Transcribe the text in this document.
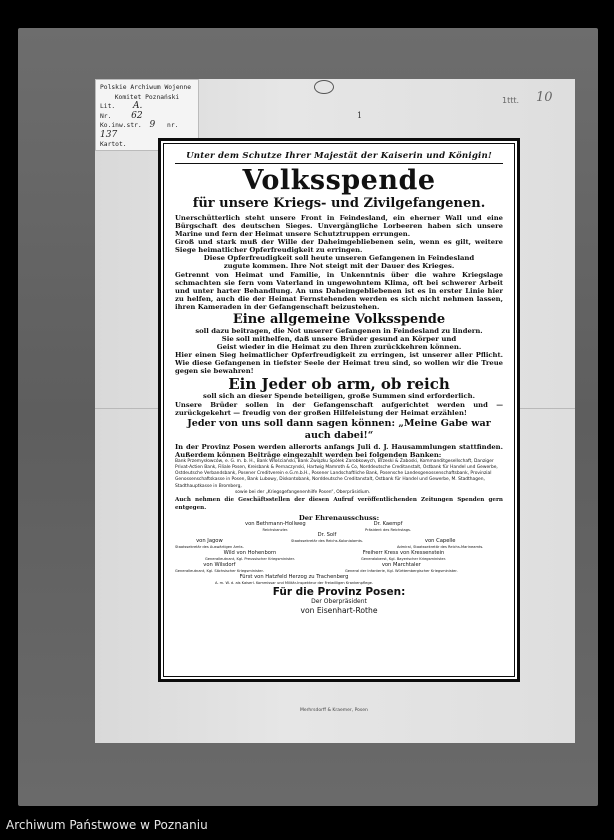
Polskie Archiwum Wojenne
Komitet Poznański
Lit. A.
Nr. 62
Ko.inw.str. 9 nr. 137
Kartot.
1
1ttt. 10
Unter dem Schutze Ihrer Majestät der Kaiserin und Königin!
Volksspende
für unsere Kriegs- und Zivilgefangenen.
Unerschütterlich steht unsere Front in Feindesland, ein eherner Wall und eine Bürgschaft des deutschen Sieges. Unvergängliche Lorbeeren haben sich unsere Marine und fern der Heimat unsere Schutztruppen errungen.
Groß und stark muß der Wille der Daheimgebliebenen sein, wenn es gilt, weitere Siege heimatlicher Opferfreudigkeit zu erringen.
Diese Opferfreudigkeit soll heute unseren Gefangenen in Feindesland
zugute kommen. Ihre Not steigt mit der Dauer des Krieges.
Getrennt von Heimat und Familie, in Unkenntnis über die wahre Kriegslage schmachten sie fern vom Vaterland in ungewohntem Klima, oft bei schwerer Arbeit und unter harter Behandlung. An uns Daheimgebliebenen ist es in erster Linie hier zu helfen, auch die der Heimat Fernstehenden werden es sich nicht nehmen lassen, ihren Kameraden in der Gefangenschaft beizustehen.
Eine allgemeine Volksspende
soll dazu beitragen, die Not unserer Gefangenen in Feindesland zu lindern.
Sie soll mithelfen, daß unsere Brüder gesund an Körper und
Geist wieder in die Heimat zu den Ihren zurückkehren können.
Hier einen Sieg heimatlicher Opferfreudigkeit zu erringen, ist unserer aller Pflicht. Wie diese Gefangenen in tiefster Seele der Heimat treu sind, so wollen wir die Treue gegen sie bewahren!
Ein Jeder ob arm, ob reich
soll sich an dieser Spende beteiligen, große Summen sind erforderlich.
Unsere Brüder sollen in der Gefangenschaft aufgerichtet werden und — zurückgekehrt — freudig von der großen Hilfeleistung der Heimat erzählen!
Jeder von uns soll dann sagen können: „Meine Gabe war auch dabei!“
In der Provinz Posen werden allerorts anfangs Juli d. J. Hausammlungen stattfinden. Außerdem können Beiträge eingezahlt werden bei folgenden Banken:
Bank Przemysłowców, e. G. m. b. H., Bank Włościański, Bank Związku Spółek Zarobkowych, Brzeski & Żaboski, Kommanditgesellschaft, Danziger Privat-Actien Bank, Filiale Posen, Kreisbank & Pernaczynski, Hartwig Mamroth & Co, Norddeutsche Creditanstalt, Ostbank für Handel und Gewerbe, Ostdeutsche Verbandsbank, Posener Creditverein e.G.m.b.H., Posener Landschaftliche Bank, Posensche Landesgenossenschaftsbank, Provinzial Genossenschaftskasse in Posen, Bank Lubowy, Diskontobank, Norddeutsche Creditanstalt, Ostbank für Handel und Gewerbe, M. Stadthagen, Stadthauptkasse in Bromberg,
sowie bei der „Kriegsgefangenenhilfe Posen“, Oberpräsidium.
Auch nehmen die Geschäftsstellen der diesen Aufruf veröffentlichenden Zeitungen Spenden gern entgegen.
Der Ehrenausschuss:
von Bethmann-Hollweg
Reichskanzler.
Dr. Kaempf
Präsident des Reichstags.
Dr. Solf
Staatssekretär des Reichs-Kolonialamts.
von Jagow
Staatssekretär des Auswärtigen Amts.
von Capelle
Admiral, Staatssekretär des Reichs-Marineamts.
Wild von Hohenborn
Generalleutnant, Kgl. Preussischer Kriegsminister.
Freiherr Kress von Kressenstein
Generaloberst, Kgl. Bayerischer Kriegsminister.
von Wilsdorf
Generalleutnant, Kgl. Sächsischer Kriegsminister.
von Marchtaler
General der Infanterie, Kgl. Württembergischer Kriegsminister.
Fürst von Hatzfeld Herzog zu Trachenberg
A. m. W. d. als Kaiserl. Kommissar und Militär-Inspekteur der Freiwilligen Krankenpflege.
Für die Provinz Posen:
Der Oberpräsident
von Eisenhart-Rothe
Merhrsdorff & Kraemer, Posen
Archiwum Państwowe w Poznaniu
